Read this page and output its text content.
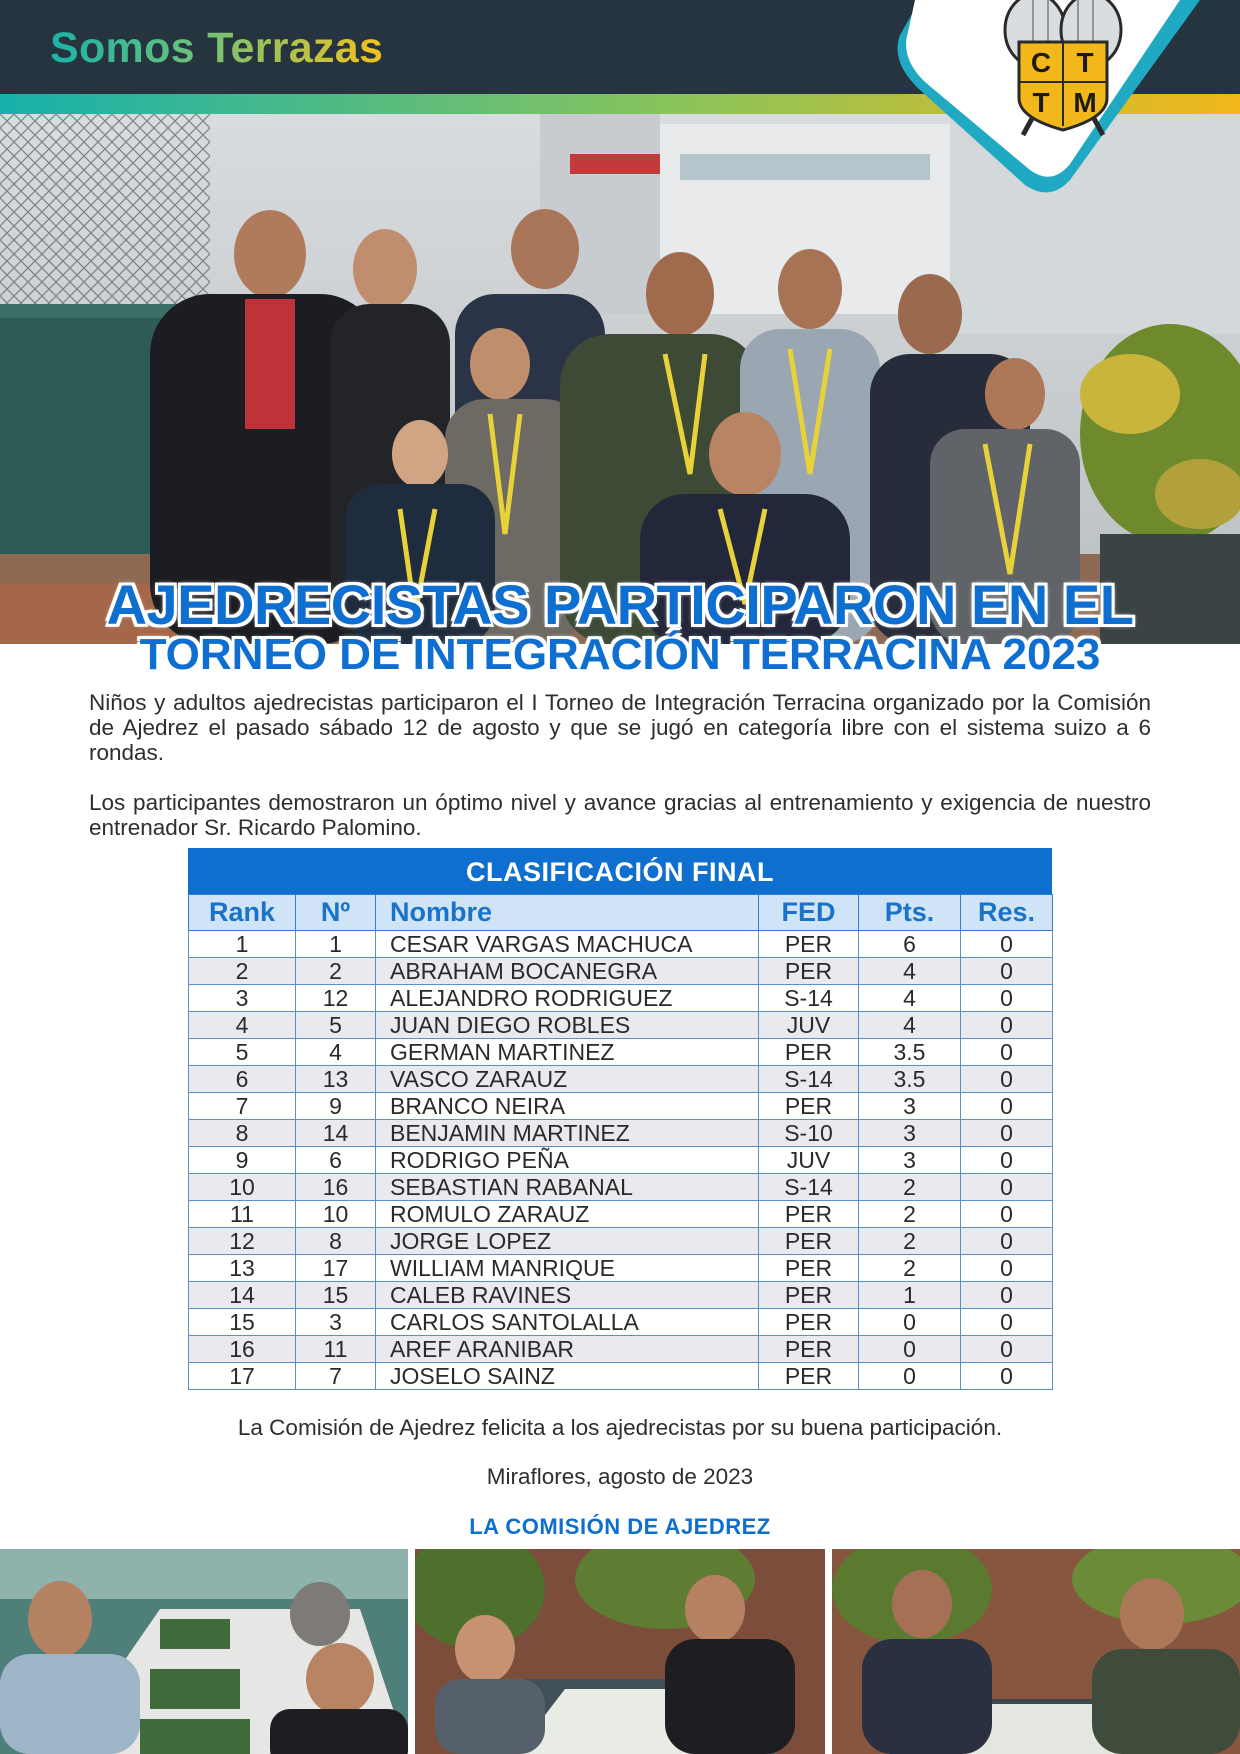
Somos Terrazas	C T
T M
AJEDRECISTAS PARTICIPARON EN EL
TORNEO DE INTEGRACIÓN TERRACINA 2023

Niños y adultos ajedrecistas participaron el I Torneo de Integración Terracina organizado por la Comisión de Ajedrez el pasado sábado 12 de agosto y que se jugó en categoría libre con el sistema suizo a 6 rondas.

Los participantes demostraron un óptimo nivel y avance gracias al entrenamiento y exigencia de nuestro entrenador Sr. Ricardo Palomino.

CLASIFICACIÓN FINAL
Rank	Nº	Nombre	FED	Pts.	Res.
1	1	CESAR VARGAS MACHUCA	PER	6	0
2	2	ABRAHAM BOCANEGRA	PER	4	0
3	12	ALEJANDRO RODRIGUEZ	S-14	4	0
4	5	JUAN DIEGO ROBLES	JUV	4	0
5	4	GERMAN MARTINEZ	PER	3.5	0
6	13	VASCO ZARAUZ	S-14	3.5	0
7	9	BRANCO NEIRA	PER	3	0
8	14	BENJAMIN MARTINEZ	S-10	3	0
9	6	RODRIGO PEÑA	JUV	3	0
10	16	SEBASTIAN RABANAL	S-14	2	0
11	10	ROMULO ZARAUZ	PER	2	0
12	8	JORGE LOPEZ	PER	2	0
13	17	WILLIAM MANRIQUE	PER	2	0
14	15	CALEB RAVINES	PER	1	0
15	3	CARLOS SANTOLALLA	PER	0	0
16	11	AREF ARANIBAR	PER	0	0
17	7	JOSELO SAINZ	PER	0	0
La Comisión de Ajedrez felicita a los ajedrecistas por su buena participación.
Miraflores, agosto de 2023
LA COMISIÓN DE AJEDREZ
